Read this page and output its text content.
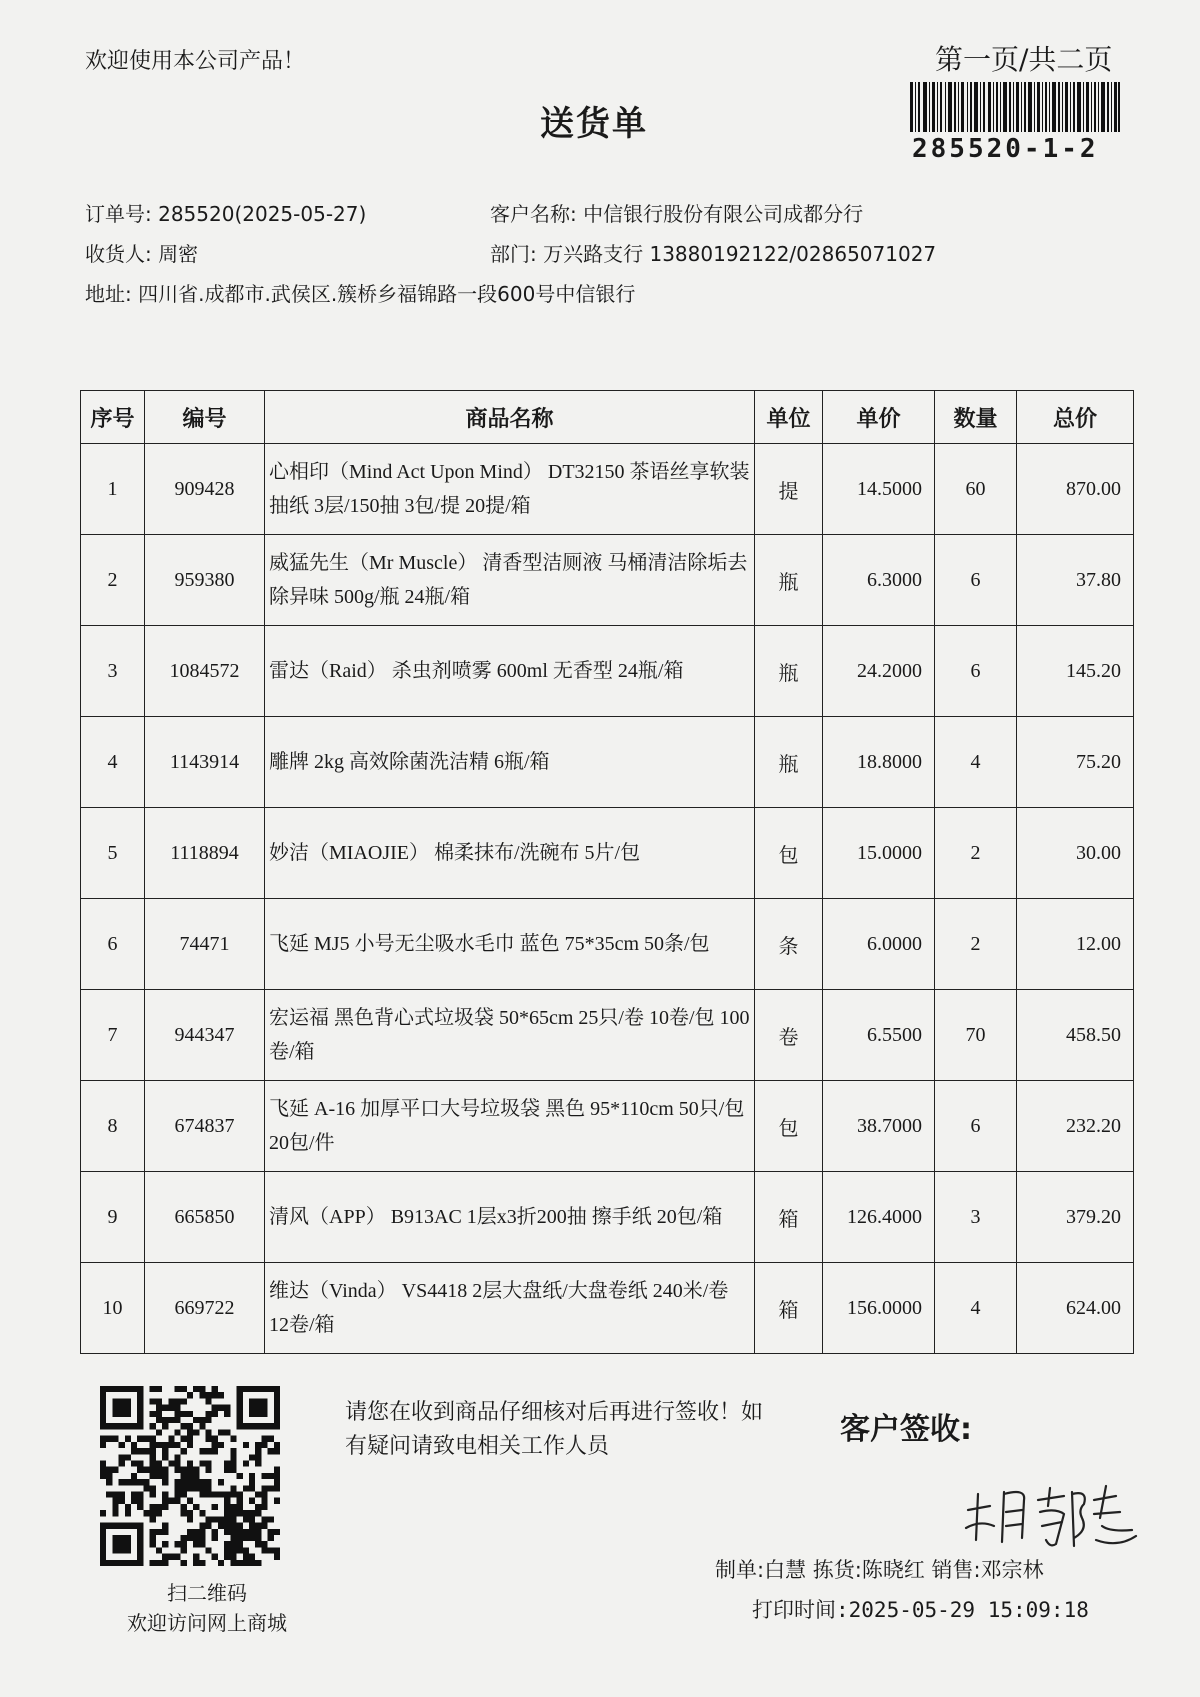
欢迎使用本公司产品！	第一页/共二页
送货单
285520-1-2
订单号: 285520(2025-05-27)	客户名称: 中信银行股份有限公司成都分行
收货人: 周密	部门: 万兴路支行 13880192122/02865071027
地址: 四川省.成都市.武侯区.簇桥乡福锦路一段600号中信银行
序号	编号	商品名称	单位	单价	数量	总价
1	909428	心相印（Mind Act Upon Mind） DT32150 茶语丝享软装抽纸 3层/150抽 3包/提 20提/箱	提	14.5000	60	870.00
2	959380	威猛先生（Mr Muscle） 清香型洁厕液 马桶清洁除垢去除异味 500g/瓶 24瓶/箱	瓶	6.3000	6	37.80
3	1084572	雷达（Raid） 杀虫剂喷雾 600ml 无香型 24瓶/箱	瓶	24.2000	6	145.20
4	1143914	雕牌 2kg 高效除菌洗洁精 6瓶/箱	瓶	18.8000	4	75.20
5	1118894	妙洁（MIAOJIE） 棉柔抹布/洗碗布 5片/包	包	15.0000	2	30.00
6	74471	飞延 MJ5 小号无尘吸水毛巾 蓝色 75*35cm 50条/包	条	6.0000	2	12.00
7	944347	宏运福 黑色背心式垃圾袋 50*65cm 25只/卷 10卷/包 100卷/箱	卷	6.5500	70	458.50
8	674837	飞延 A-16 加厚平口大号垃圾袋 黑色 95*110cm 50只/包 20包/件	包	38.7000	6	232.20
9	665850	清风（APP） B913AC 1层x3折200抽 擦手纸 20包/箱	箱	126.4000	3	379.20
10	669722	维达（Vinda） VS4418 2层大盘纸/大盘卷纸 240米/卷 12卷/箱	箱	156.0000	4	624.00
扫二维码
欢迎访问网上商城
请您在收到商品仔细核对后再进行签收！如有疑问请致电相关工作人员	客户签收:
制单:白慧 拣货:陈晓红 销售:邓宗林
打印时间:2025-05-29 15:09:18
